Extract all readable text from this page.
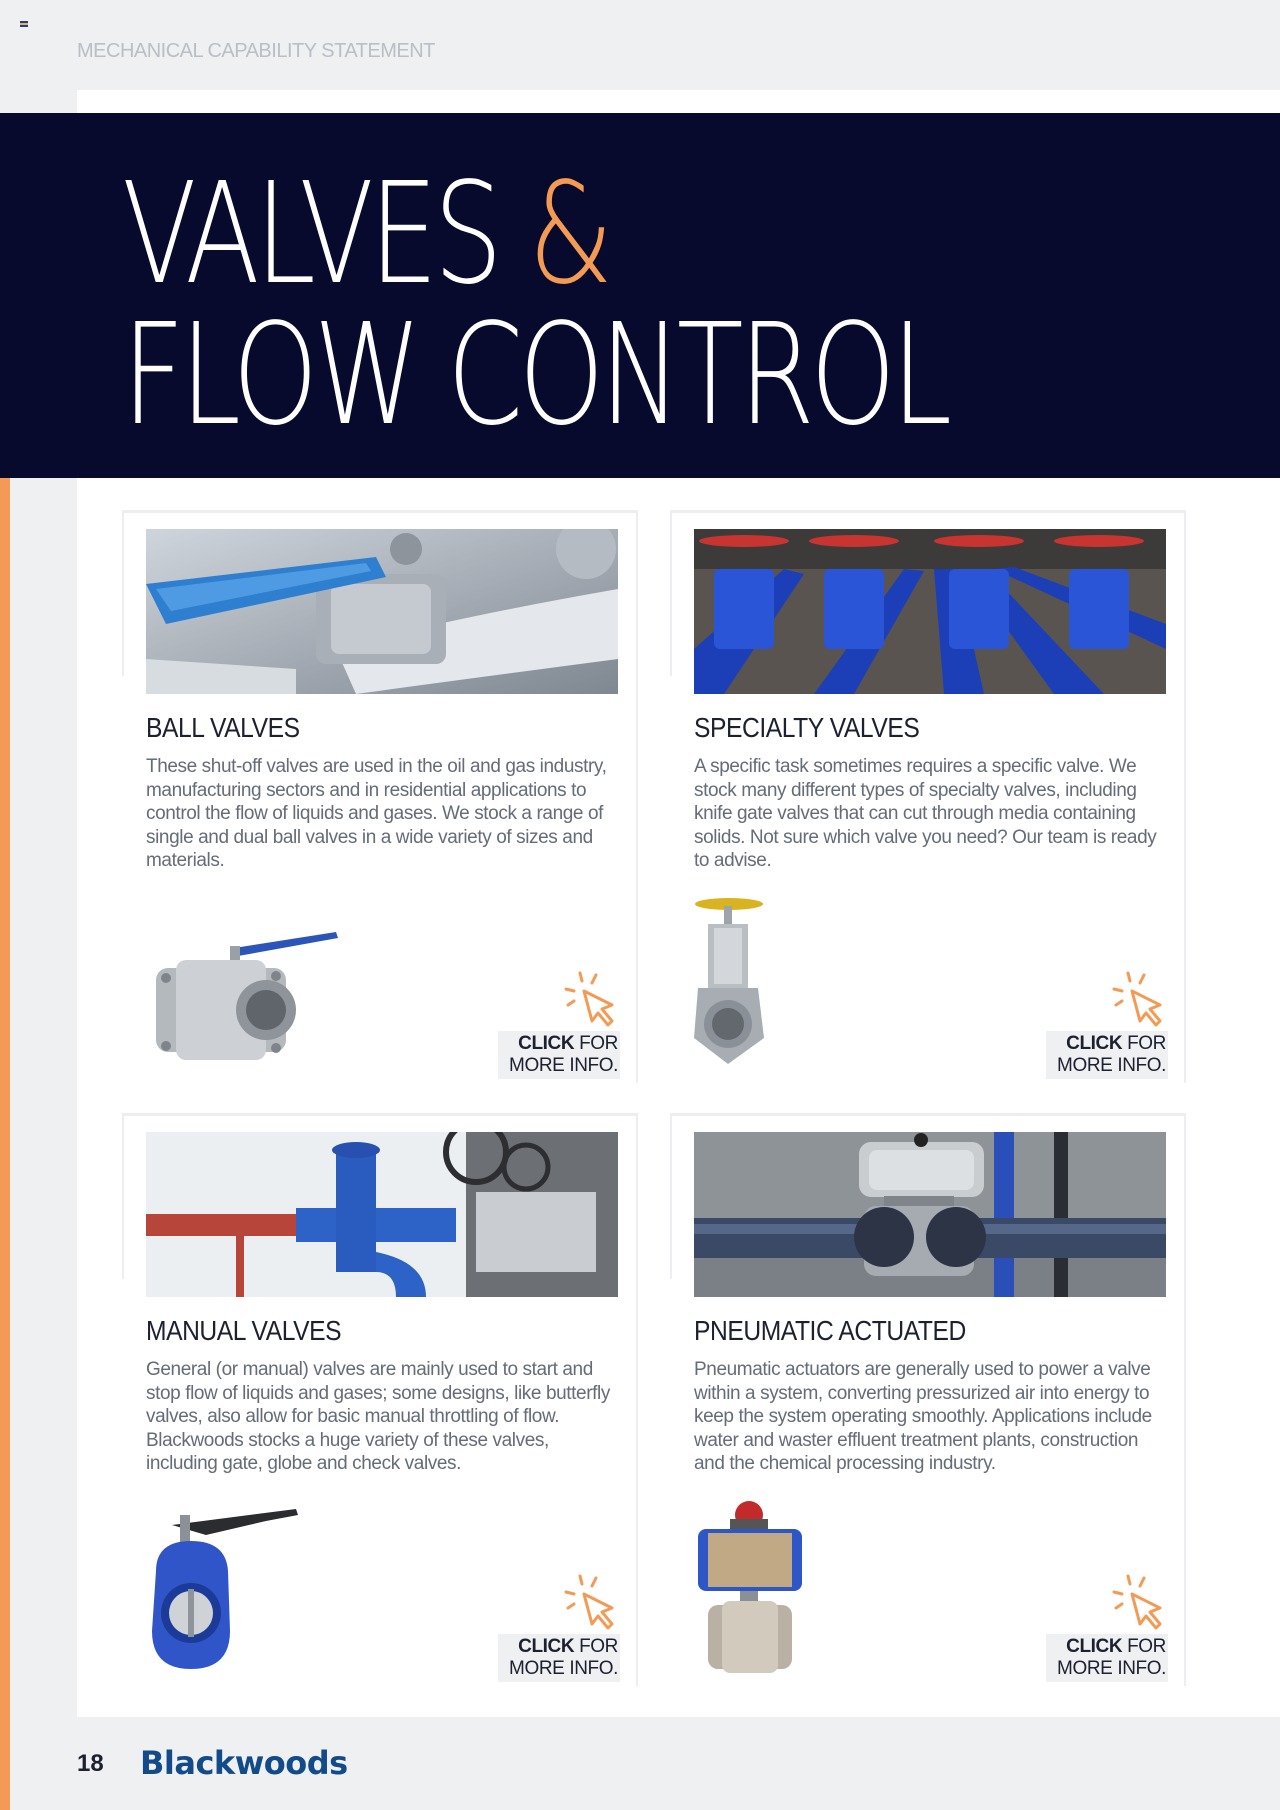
MECHANICAL CAPABILITY STATEMENT
VALVES &
FLOW CONTROL
BALL VALVES
These shut-off valves are used in the oil and gas industry, manufacturing sectors and in residential applications to control the flow of liquids and gases. We stock a range of single and dual ball valves in a wide variety of sizes and materials.
CLICK FOR
MORE INFO.
SPECIALTY VALVES
A specific task sometimes requires a specific valve. We stock many different types of specialty valves, including knife gate valves that can cut through media containing solids. Not sure which valve you need? Our team is ready to advise.
CLICK FOR
MORE INFO.
MANUAL VALVES
General (or manual) valves are mainly used to start and stop flow of liquids and gases; some designs, like butterfly valves, also allow for basic manual throttling of flow. Blackwoods stocks a huge variety of these valves, including gate, globe and check valves.
CLICK FOR
MORE INFO.
PNEUMATIC ACTUATED
Pneumatic actuators are generally used to power a valve within a system, converting pressurized air into energy to keep the system operating smoothly. Applications include water and waster effluent treatment plants, construction and the chemical processing industry.
CLICK FOR
MORE INFO.
18 Blackwoods
